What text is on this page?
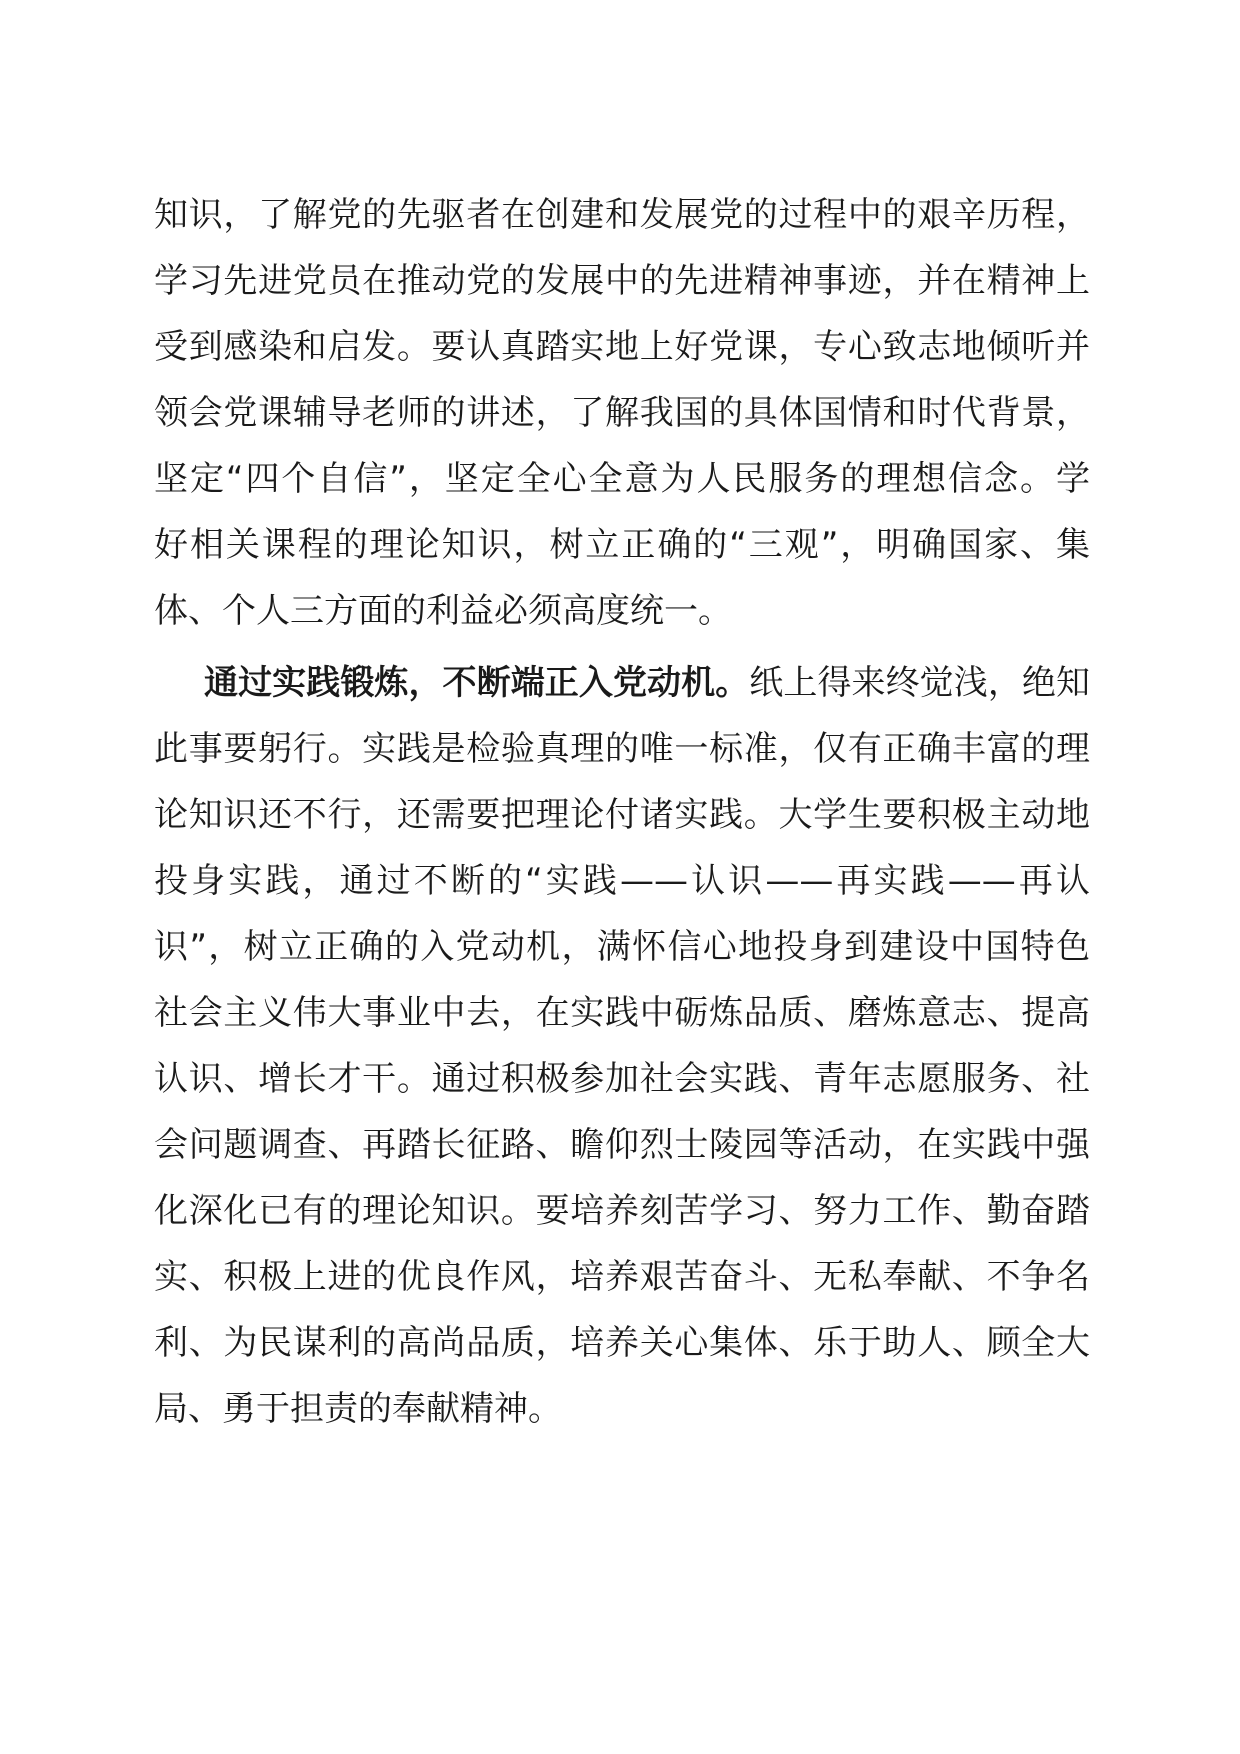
知识，了解党的先驱者在创建和发展党的过程中的艰辛历程，
学习先进党员在推动党的发展中的先进精神事迹，并在精神上
受到感染和启发。要认真踏实地上好党课，专心致志地倾听并
领会党课辅导老师的讲述，了解我国的具体国情和时代背景，
坚定“四个自信”，坚定全心全意为人民服务的理想信念。学
好相关课程的理论知识，树立正确的“三观”，明确国家、集
体、个人三方面的利益必须高度统一。
通过实践锻炼，不断端正入党动机。纸上得来终觉浅，绝知
此事要躬行。实践是检验真理的唯一标准，仅有正确丰富的理
论知识还不行，还需要把理论付诸实践。大学生要积极主动地
投身实践，通过不断的“实践——认识——再实践——再认
识”，树立正确的入党动机，满怀信心地投身到建设中国特色
社会主义伟大事业中去，在实践中砺炼品质、磨炼意志、提高
认识、增长才干。通过积极参加社会实践、青年志愿服务、社
会问题调查、再踏长征路、瞻仰烈士陵园等活动，在实践中强
化深化已有的理论知识。要培养刻苦学习、努力工作、勤奋踏
实、积极上进的优良作风，培养艰苦奋斗、无私奉献、不争名
利、为民谋利的高尚品质，培养关心集体、乐于助人、顾全大
局、勇于担责的奉献精神。
